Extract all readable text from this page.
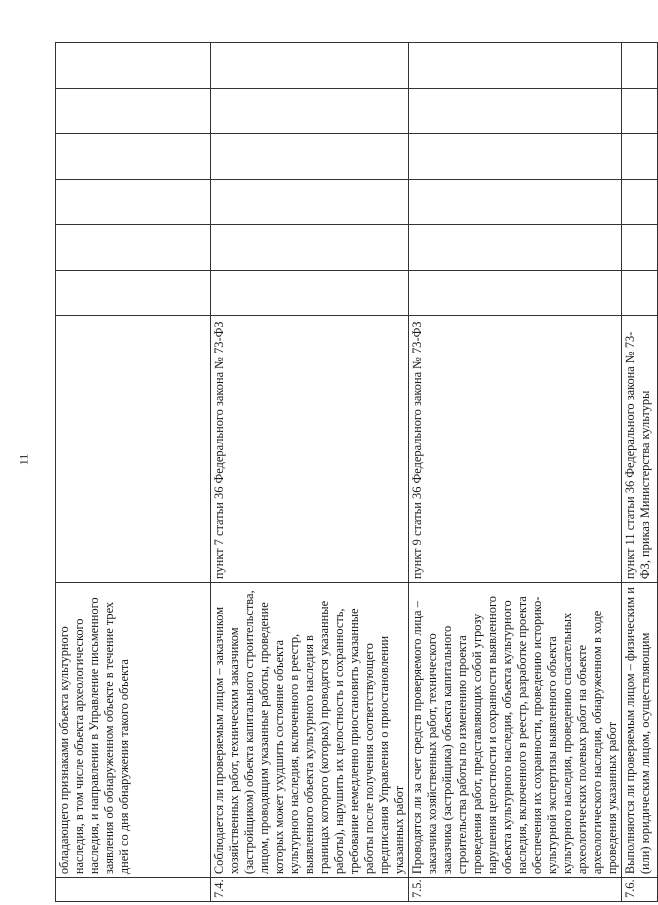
11
	обладающего признаками объекта культурного наследия, в том числе объекта археологического наследия, и направлении в Управление письменного заявления об обнаруженном объекте в течение трех дней со дня обнаружения такого объекта							
7.4.	Соблюдается ли проверяемым лицом – заказчиком хозяйственных работ, техническим заказчиком (застройщиком) объекта капитального строительства, лицом, проводящим указанные работы, проведение которых может ухудшить состояние объекта культурного наследия, включенного в реестр, выявленного объекта культурного наследия в границах которого (которых) проводятся указанные работы), нарушить их целостность и сохранность, требование немедленно приостановить указанные работы после получения соответствующего предписания Управления о приостановлении указанных работ	пункт 7 статьи 36 Федерального закона № 73-ФЗ						
7.5.	Проводятся ли за счет средств проверяемого лица – заказчика хозяйственных работ, технического заказчика (застройщика) объекта капитального строительства работы по изменению проекта проведения работ, представляющих собой угрозу нарушения целостности и сохранности выявленного объекта культурного наследия, объекта культурного наследия, включенного в реестр, разработке проекта обеспечения их сохранности, проведению историко-культурной экспертизы выявленного объекта культурного наследия, проведению спасательных археологических полевых работ на объекте археологического наследия, обнаруженном в ходе проведения указанных работ	пункт 9 статьи 36 Федерального закона № 73-ФЗ						
7.6.	Выполняются ли проверяемым лицом – физическим и (или) юридическим лицом, осуществляющим	пункт 11 статьи 36 Федерального закона № 73-ФЗ, приказ Министерства культуры						
